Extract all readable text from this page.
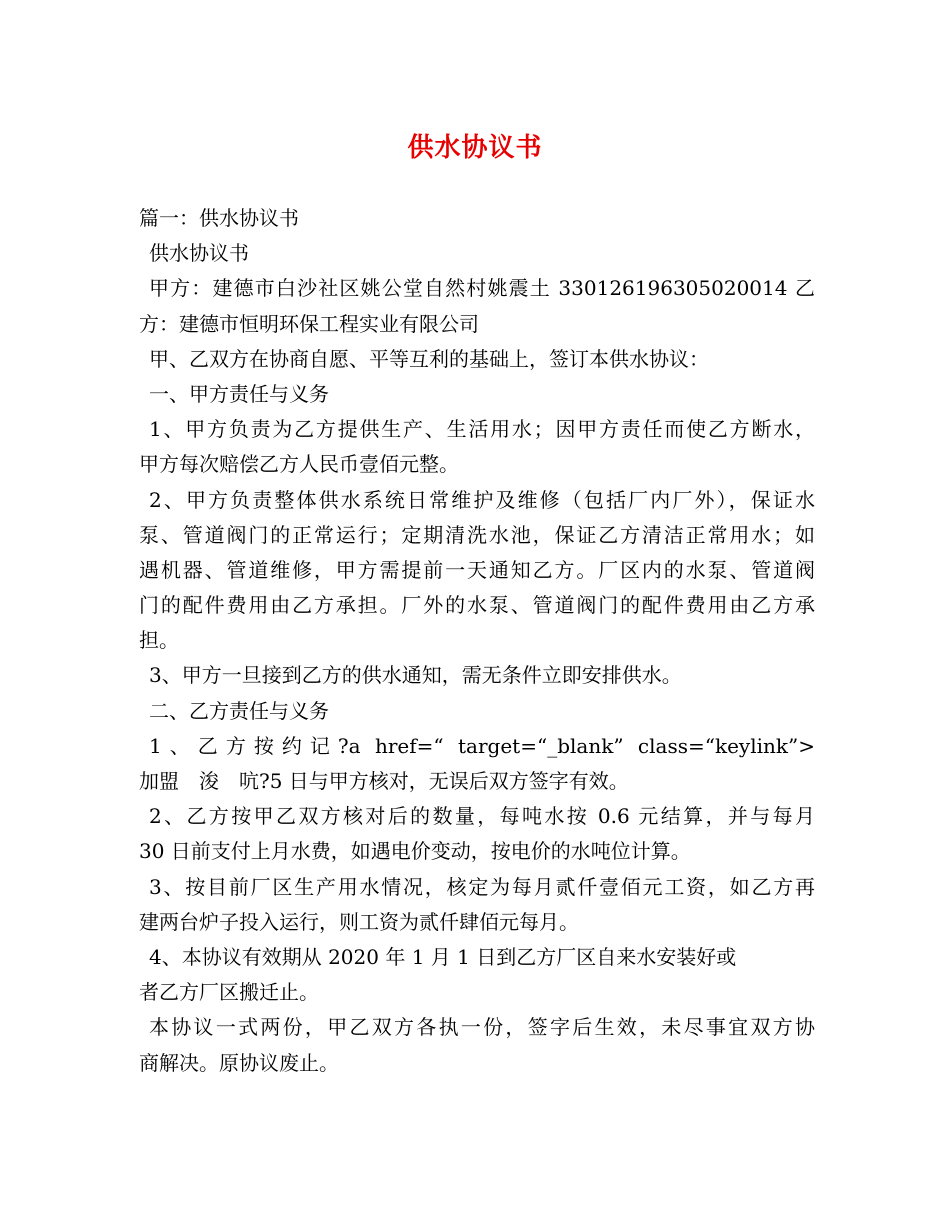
供水协议书
篇一：供水协议书
供水协议书
甲方：建德市白沙社区姚公堂自然村姚震土 330126196305020014 乙
方：建德市恒明环保工程实业有限公司
甲、乙双方在协商自愿、平等互利的基础上，签订本供水协议：
一、甲方责任与义务
1、甲方负责为乙方提供生产、生活用水；因甲方责任而使乙方断水，
甲方每次赔偿乙方人民币壹佰元整。
2、甲方负责整体供水系统日常维护及维修（包括厂内厂外），保证水
泵、管道阀门的正常运行；定期清洗水池，保证乙方清洁正常用水；如
遇机器、管道维修，甲方需提前一天通知乙方。厂区内的水泵、管道阀
门的配件费用由乙方承担。厂外的水泵、管道阀门的配件费用由乙方承
担。
3、甲方一旦接到乙方的供水通知，需无条件立即安排供水。
二、乙方责任与义务
1、乙方按约记?a href=“ target=“_blank” class=“keylink”>
加盟　浚　吭?5 日与甲方核对，无误后双方签字有效。
2、乙方按甲乙双方核对后的数量，每吨水按 0.6 元结算，并与每月
30 日前支付上月水费，如遇电价变动，按电价的水吨位计算。
3、按目前厂区生产用水情况，核定为每月贰仟壹佰元工资，如乙方再
建两台炉子投入运行，则工资为贰仟肆佰元每月。
4、本协议有效期从 2020 年 1 月 1 日到乙方厂区自来水安装好或
者乙方厂区搬迁止。
本协议一式两份，甲乙双方各执一份，签字后生效，未尽事宜双方协
商解决。原协议废止。
